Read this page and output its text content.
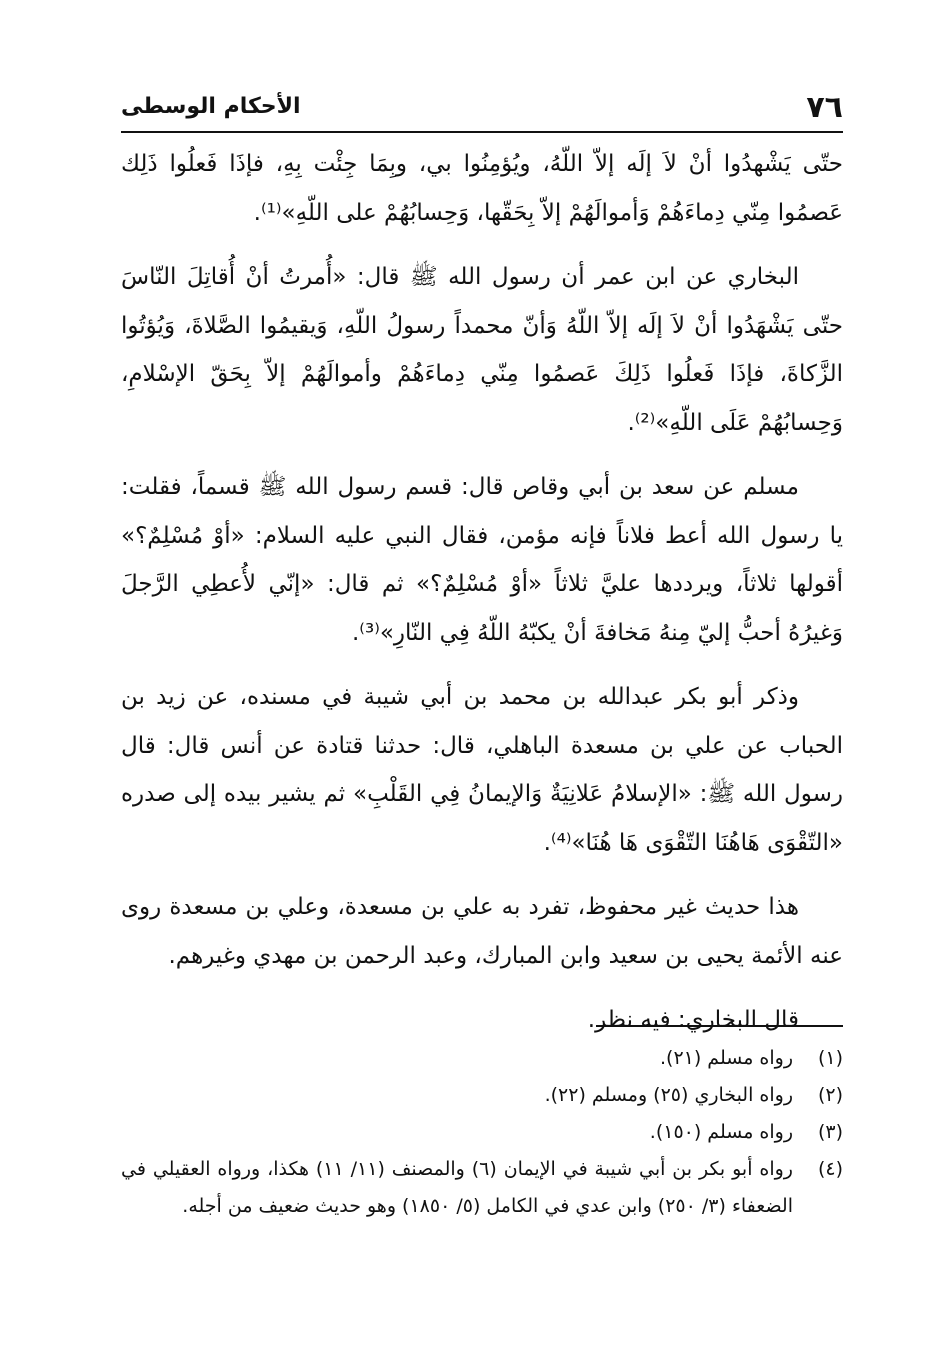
٧٦
الأحكام الوسطى

حتّى يَشْهدُوا أنْ لاَ إلَه إلاّ اللّهُ، ويُؤمِنُوا بي، وبِمَا جِئْت بِهِ، فإذَا فَعلُوا ذَلِك عَصمُوا مِنّي دِماءَهُمْ وَأموالَهُمْ إلاّ بِحَقّها، وَحِسابُهُمْ على اللّهِ»⁽¹⁾.

البخاري عن ابن عمر أن رسول الله ﷺ قال: «أُمرتُ أنْ أُقاتِلَ النّاسَ حتّى يَشْهَدُوا أنْ لاَ إلَه إلاّ اللّهُ وَأنّ محمداً رسولُ اللّهِ، وَيقيمُوا الصَّلاةَ، وَيُؤتُوا الزَّكاةَ، فإذَا فَعلُوا ذَلِكَ عَصمُوا مِنّي دِماءَهُمْ وأموالَهُمْ إلاّ بِحَقّ الإسْلامِ، وَحِسابُهُمْ عَلَى اللّهِ»⁽²⁾.

مسلم عن سعد بن أبي وقاص قال: قسم رسول الله ﷺ قسماً، فقلت: يا رسول الله أعط فلاناً فإنه مؤمن، فقال النبي عليه السلام: «أوْ مُسْلِمٌ؟» أقولها ثلاثاً، ويرددها عليَّ ثلاثاً «أوْ مُسْلِمٌ؟» ثم قال: «إنّي لأُعطِي الرَّجلَ وَغيرُهُ أحبُّ إليّ مِنهُ مَخافةَ أنْ يكبّهُ اللّهُ فِي النّارِ»⁽³⁾.

وذكر أبو بكر عبدالله بن محمد بن أبي شيبة في مسنده، عن زيد بن الحباب عن علي بن مسعدة الباهلي، قال: حدثنا قتادة عن أنس قال: قال رسول الله ﷺ: «الإسلامُ عَلانِيَةٌ وَالإيمانُ فِي القَلْبِ» ثم يشير بيده إلى صدره «التّقْوَى هَاهُنَا التّقْوَى هَا هُنَا»⁽⁴⁾.

هذا حديث غير محفوظ، تفرد به علي بن مسعدة، وعلي بن مسعدة روى عنه الأئمة يحيى بن سعيد وابن المبارك، وعبد الرحمن بن مهدي وغيرهم.

قال البخاري: فيه نظر.

(١)
رواه مسلم (٢١).
(٢)
رواه البخاري (٢٥) ومسلم (٢٢).
(٣)
رواه مسلم (١٥٠).
(٤)
رواه أبو بكر بن أبي شيبة في الإيمان (٦) والمصنف (١١/ ١١) هكذا، ورواه العقيلي في الضعفاء (٣/ ٢٥٠) وابن عدي في الكامل (٥/ ١٨٥٠) وهو حديث ضعيف من أجله.
